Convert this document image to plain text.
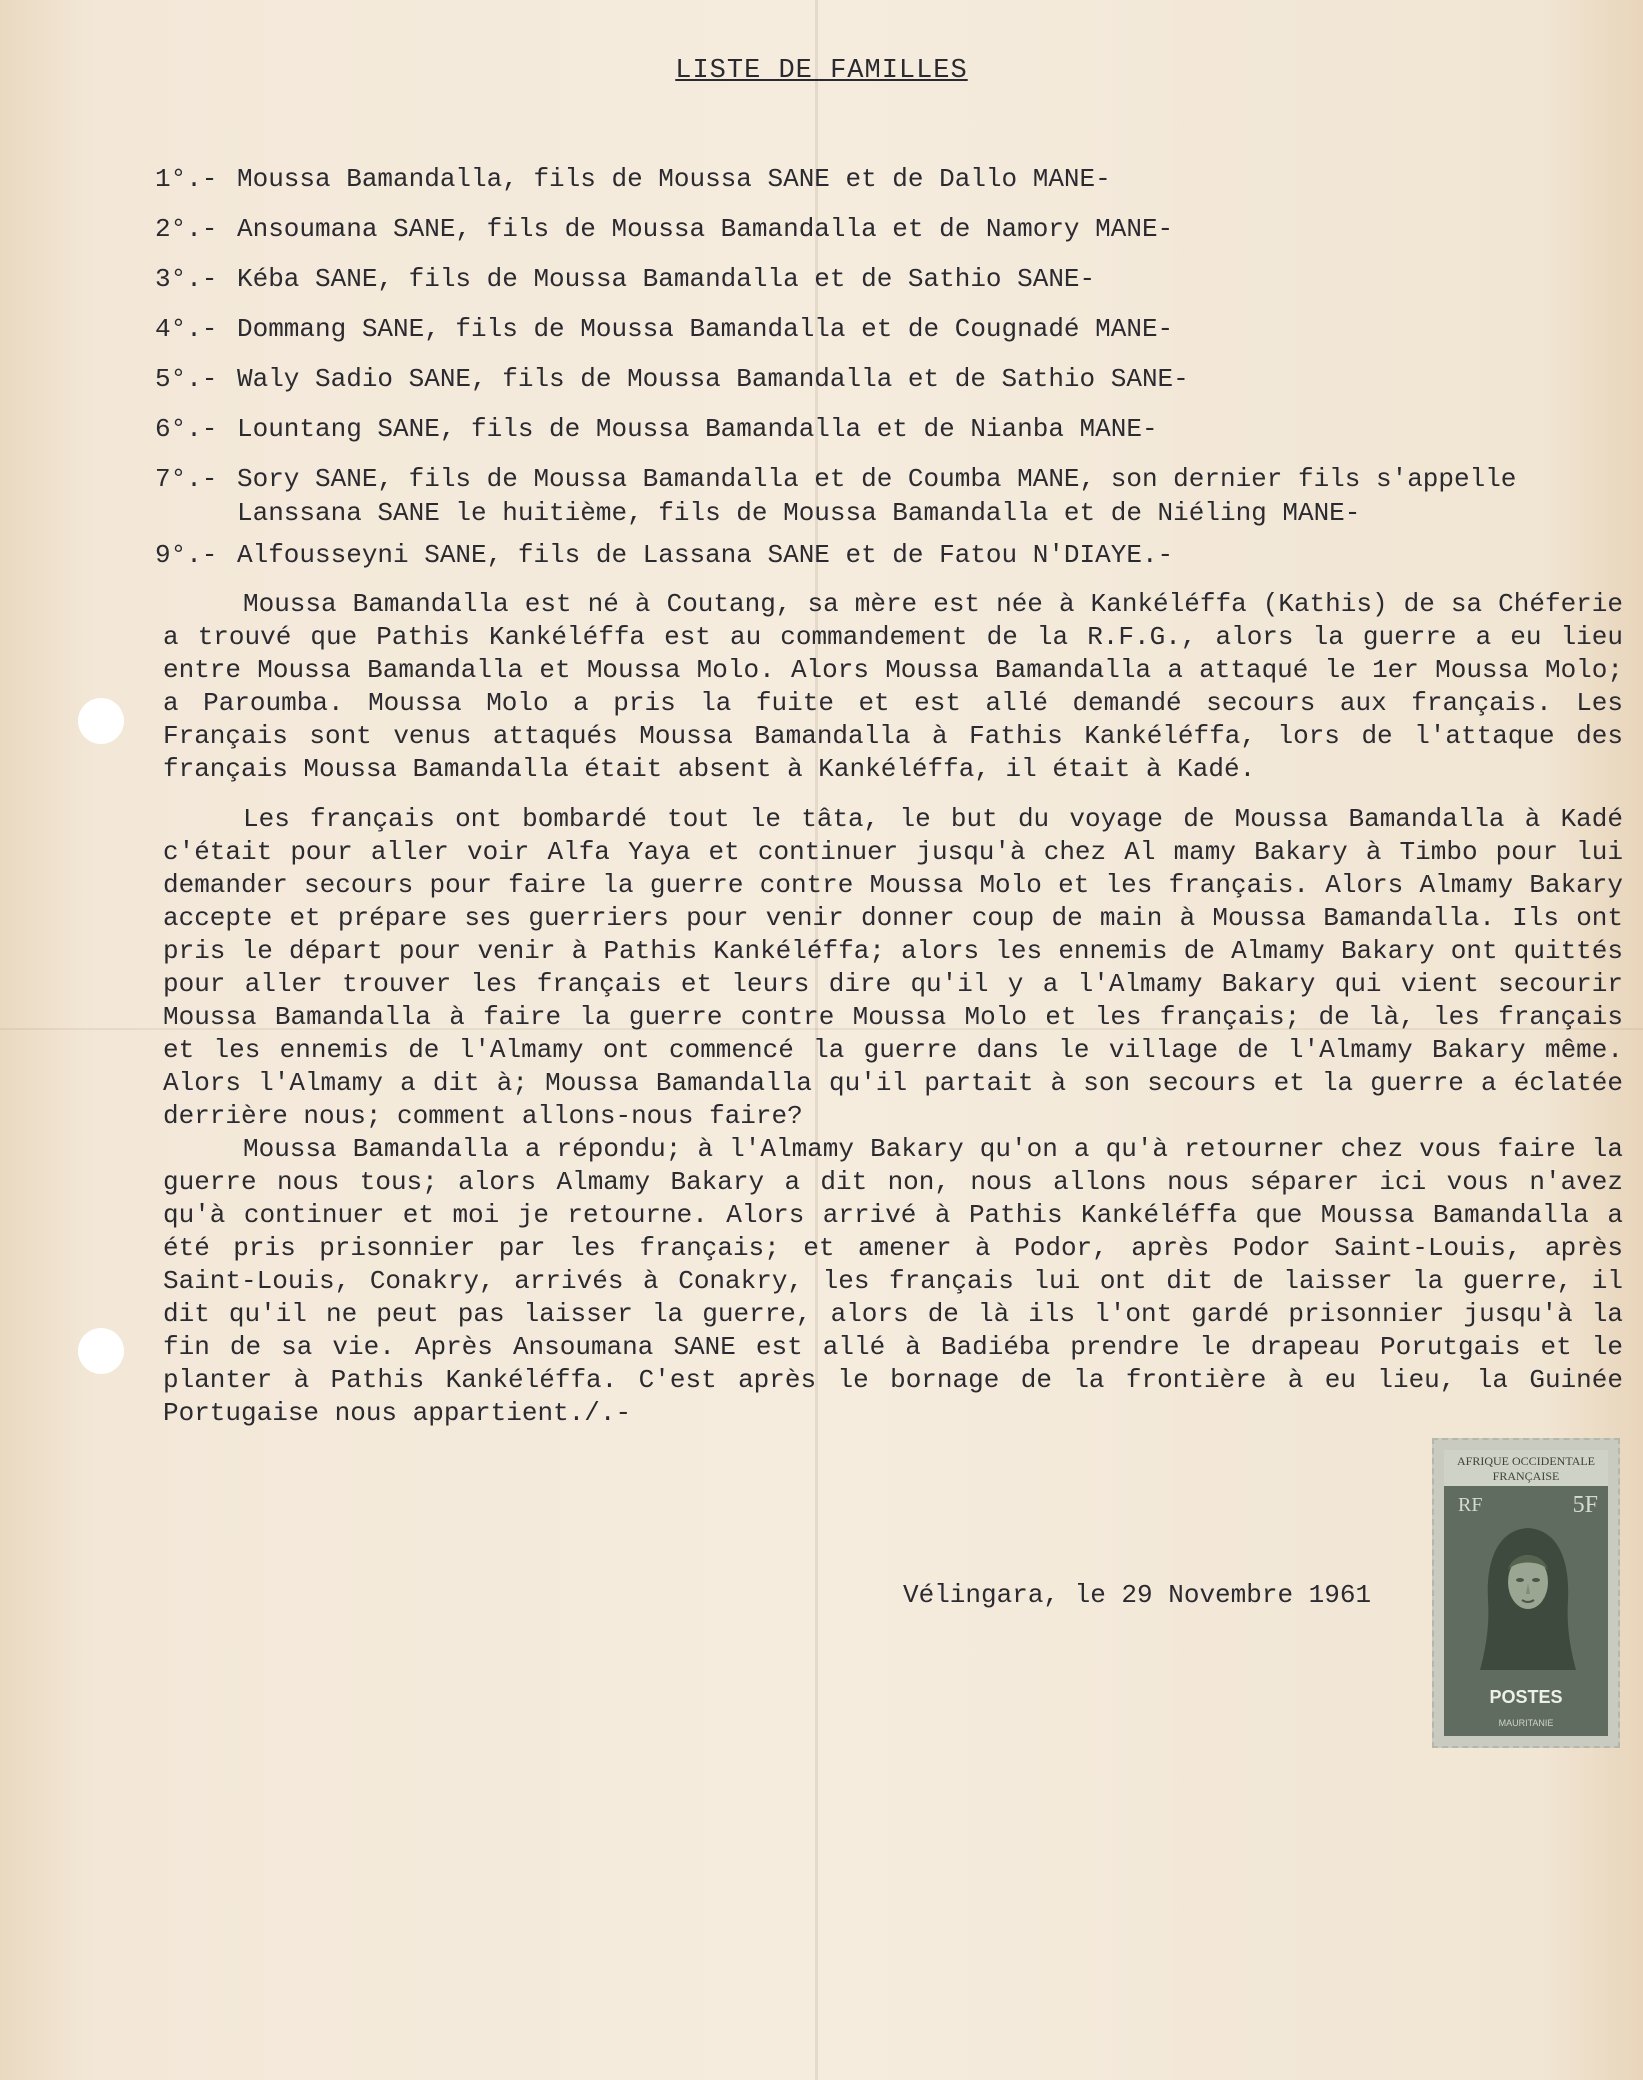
LISTE DE FAMILLES
1°.- Moussa Bamandalla, fils de Moussa SANE et de Dallo MANE-
2°.- Ansoumana SANE, fils de Moussa Bamandalla et de Namory MANE-
3°.- Kéba SANE, fils de Moussa Bamandalla et de Sathio SANE-
4°.- Dommang SANE, fils de Moussa Bamandalla et de Cougnadé MANE-
5°.- Waly Sadio SANE, fils de Moussa Bamandalla et de Sathio SANE-
6°.- Lountang SANE, fils de Moussa Bamandalla et de Nianba MANE-
7°.- Sory SANE, fils de Moussa Bamandalla et de Coumba MANE, son dernier fils s'appelle Lanssana SANE le huitième, fils de Moussa Bamandalla et de Niéling MANE-
9°.- Alfousseyni SANE, fils de Lassana SANE et de Fatou N'DIAYE.-

Moussa Bamandalla est né à Coutang, sa mère est née à Kankéléffa (Kathis) de sa Chéferie a trouvé que Pathis Kankéléffa est au commandement de la R.F.G., alors la guerre a eu lieu entre Moussa Bamandalla et Moussa Molo. Alors Moussa Bamandalla a attaqué le 1er Moussa Molo; a Paroumba. Moussa Molo a pris la fuite et est allé demandé secours aux français. Les Français sont venus attaqués Moussa Bamandalla à Fathis Kankéléffa, lors de l'attaque des français Moussa Bamandalla était absent à Kankéléffa, il était à Kadé.

Les français ont bombardé tout le tâta, le but du voyage de Moussa Bamandalla à Kadé c'était pour aller voir Alfa Yaya et continuer jusqu'à chez Al mamy Bakary à Timbo pour lui demander secours pour faire la guerre contre Moussa Molo et les français. Alors Almamy Bakary accepte et prépare ses guerriers pour venir donner coup de main à Moussa Bamandalla. Ils ont pris le départ pour venir à Pathis Kankéléffa; alors les ennemis de Almamy Bakary ont quittés pour aller trouver les français et leurs dire qu'il y a l'Almamy Bakary qui vient secourir Moussa Bamandalla à faire la guerre contre Moussa Molo et les français; de là, les français et les ennemis de l'Almamy ont commencé la guerre dans le village de l'Almamy Bakary même. Alors l'Almamy a dit à; Moussa Bamandalla qu'il partait à son secours et la guerre a éclatée derrière nous; comment allons-nous faire?

Moussa Bamandalla a répondu; à l'Almamy Bakary qu'on a qu'à retourner chez vous faire la guerre nous tous; alors Almamy Bakary a dit non, nous allons nous séparer ici vous n'avez qu'à continuer et moi je retourne. Alors arrivé à Pathis Kankéléffa que Moussa Bamandalla a été pris prisonnier par les français; et amener à Podor, après Podor Saint-Louis, après Saint-Louis, Conakry, arrivés à Conakry, les français lui ont dit de laisser la guerre, il dit qu'il ne peut pas laisser la guerre, alors de là ils l'ont gardé prisonnier jusqu'à la fin de sa vie. Après Ansoumana SANE est allé à Badiéba prendre le drapeau Porutgais et le planter à Pathis Kankéléffa. C'est après le bornage de la frontière à eu lieu, la Guinée Portugaise nous appartient./.-

Vélingara, le 29 Novembre 1961
AFRIQUE OCCIDENTALE
FRANÇAISE
RF	5F
POSTES
MAURITANIE
